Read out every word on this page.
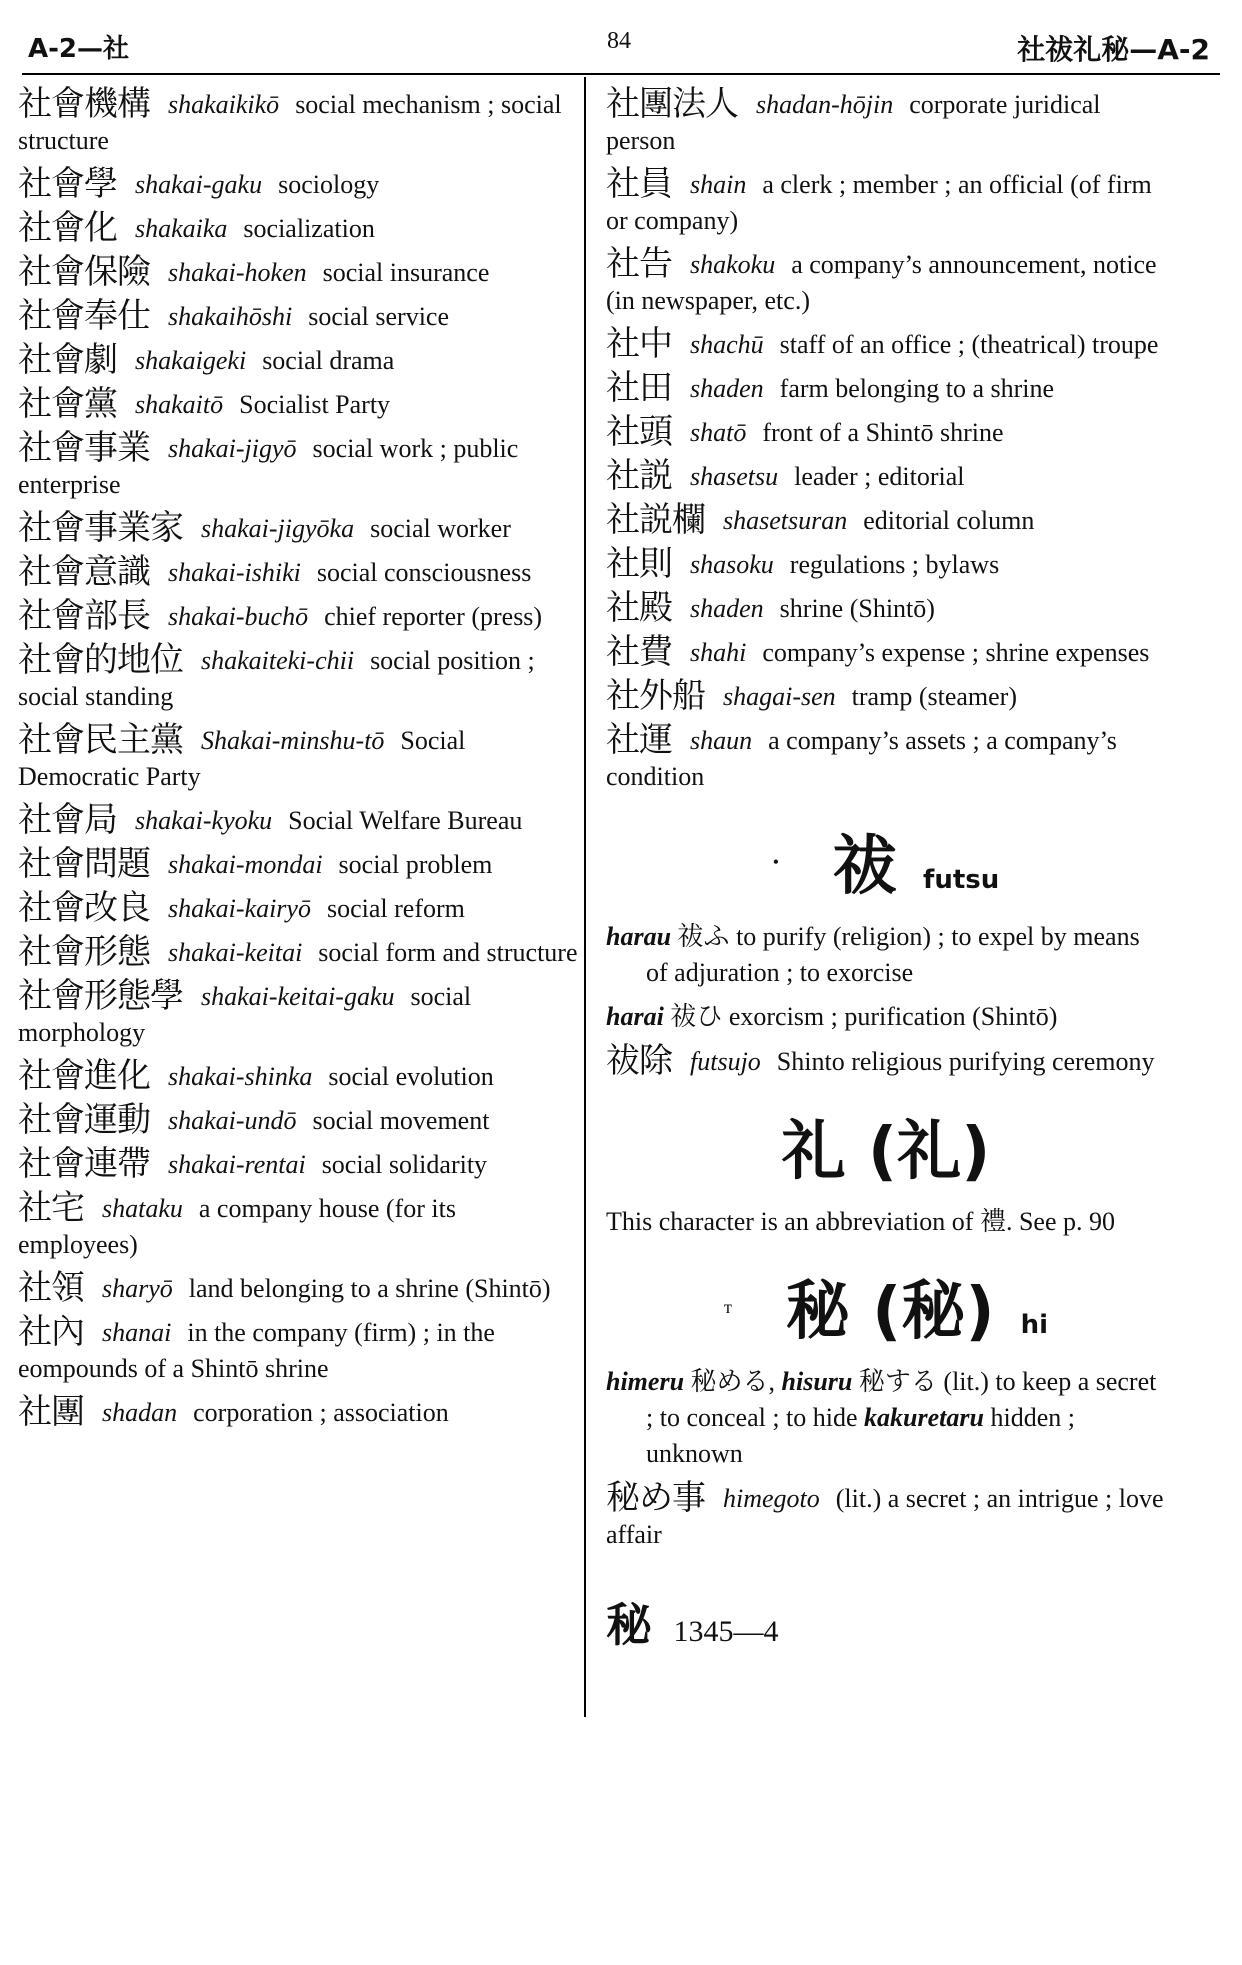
A-2—社	84	社祓礼秘—A-2
社會機構 shakaikikō social mechanism ; social structure
社會學 shakai-gaku sociology
社會化 shakaika socialization
社會保險 shakai-hoken social insurance
社會奉仕 shakaihōshi social service
社會劇 shakaigeki social drama
社會黨 shakaitō Socialist Party
社會事業 shakai-jigyō social work ; public enterprise
社會事業家 shakai-jigyōka social worker
社會意識 shakai-ishiki social consciousness
社會部長 shakai-buchō chief reporter (press)
社會的地位 shakaiteki-chii social position ; social standing
社會民主黨 Shakai-minshu-tō Social Democratic Party
社會局 shakai-kyoku Social Welfare Bureau
社會問題 shakai-mondai social problem
社會改良 shakai-kairyō social reform
社會形態 shakai-keitai social form and structure
社會形態學 shakai-keitai-gaku social morphology
社會進化 shakai-shinka social evolution
社會運動 shakai-undō social movement
社會連帶 shakai-rentai social solidarity
社宅 shataku a company house (for its employees)
社領 sharyō land belonging to a shrine (Shintō)
社內 shanai in the company (firm) ; in the eompounds of a Shintō shrine
社團 shadan corporation ; association
社團法人 shadan-hōjin corporate juridical person
社員 shain a clerk ; member ; an official (of firm or company)
社告 shakoku a company’s announcement, notice (in newspaper, etc.)
社中 shachū staff of an office ; (theatrical) troupe
社田 shaden farm belonging to a shrine
社頭 shatō front of a Shintō shrine
社説 shasetsu leader ; editorial
社説欄 shasetsuran editorial column
社則 shasoku regulations ; bylaws
社殿 shaden shrine (Shintō)
社費 shahi company’s expense ; shrine expenses
社外船 shagai-sen tramp (steamer)
社運 shaun a company’s assets ; a company’s condition
• 祓 futsu
harau 祓ふ to purify (religion) ; to expel by means of adjuration ; to exorcise
harai 祓ひ exorcism ; purification (Shintō)
祓除 futsujo Shinto religious purifying ceremony
礼 (礼)
This character is an abbreviation of 禮. See p. 90
ᴛ 秘 (秘) hi
himeru 秘める, hisuru 秘する (lit.) to keep a secret ; to conceal ; to hide kakuretaru hidden ; unknown
秘め事 himegoto (lit.) a secret ; an intrigue ; love affair
秘 1345—4
